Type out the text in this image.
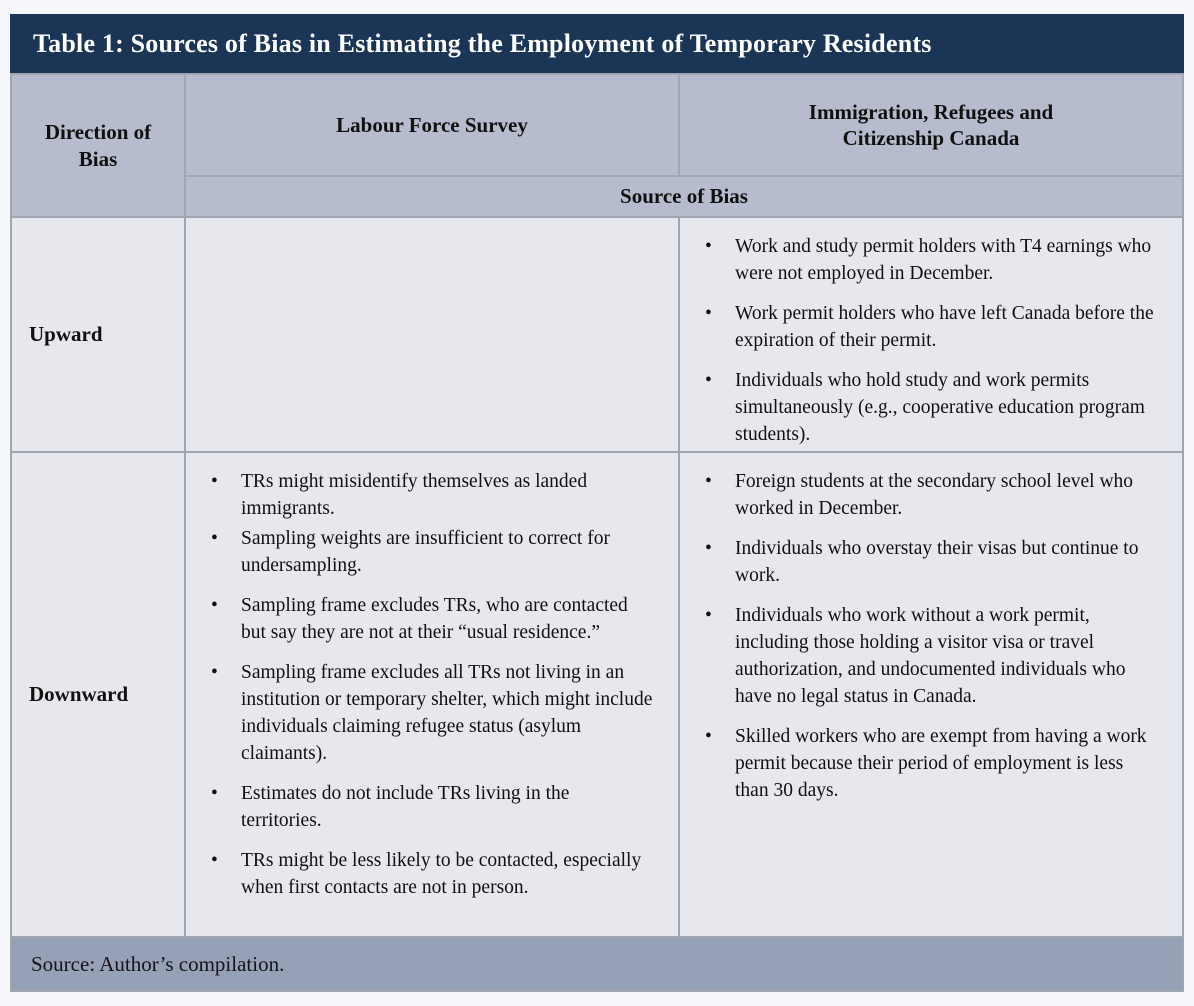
Table 1: Sources of Bias in Estimating the Employment of Temporary Residents
Direction of Bias
Labour Force Survey
Immigration, Refugees and Citizenship Canada
Source of Bias
Upward
• Work and study permit holders with T4 earnings who were not employed in December.
• Work permit holders who have left Canada before the expiration of their permit.
• Individuals who hold study and work permits simultaneously (e.g., cooperative education program students).
Downward
• TRs might misidentify themselves as landed immigrants.
• Sampling weights are insufficient to correct for undersampling.
• Sampling frame excludes TRs, who are contacted but say they are not at their “usual residence.”
• Sampling frame excludes all TRs not living in an institution or temporary shelter, which might include individuals claiming refugee status (asylum claimants).
• Estimates do not include TRs living in the territories.
• TRs might be less likely to be contacted, especially when first contacts are not in person.
• Foreign students at the secondary school level who worked in December.
• Individuals who overstay their visas but continue to work.
• Individuals who work without a work permit, including those holding a visitor visa or travel authorization, and undocumented individuals who have no legal status in Canada.
• Skilled workers who are exempt from having a work permit because their period of employment is less than 30 days.
Source: Author’s compilation.
